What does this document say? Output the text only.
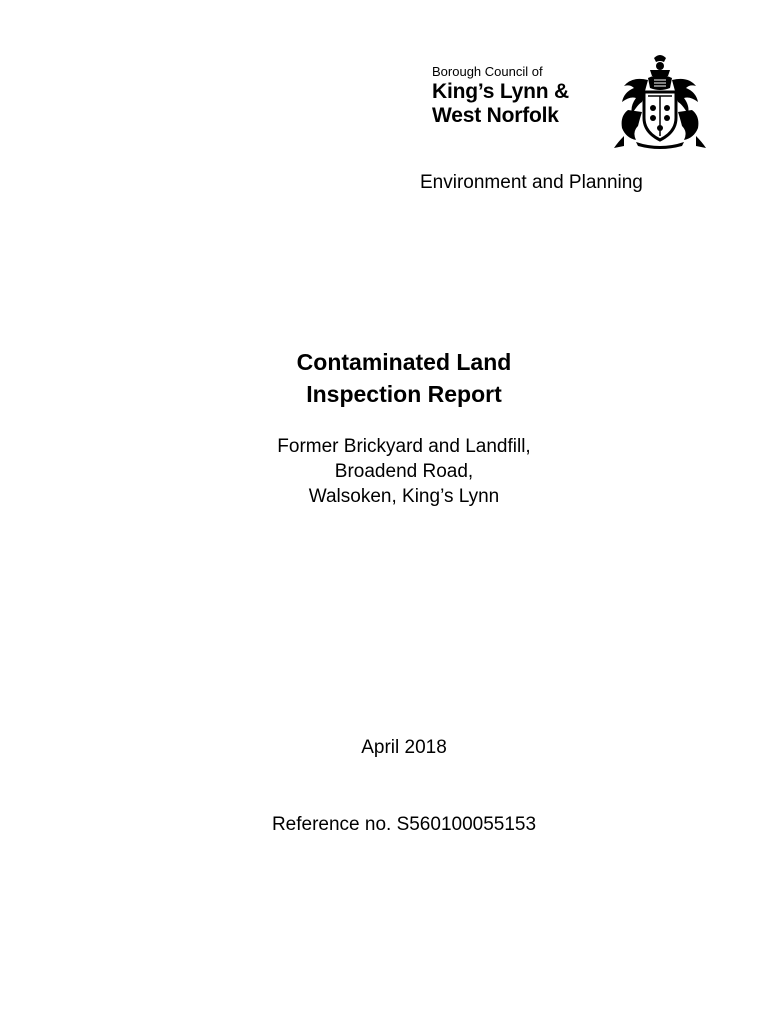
Borough Council of
King’s Lynn &
West Norfolk
Environment and Planning
Contaminated Land
Inspection Report
Former Brickyard and Landfill,
Broadend Road,
Walsoken, King’s Lynn
April 2018
Reference no. S560100055153
